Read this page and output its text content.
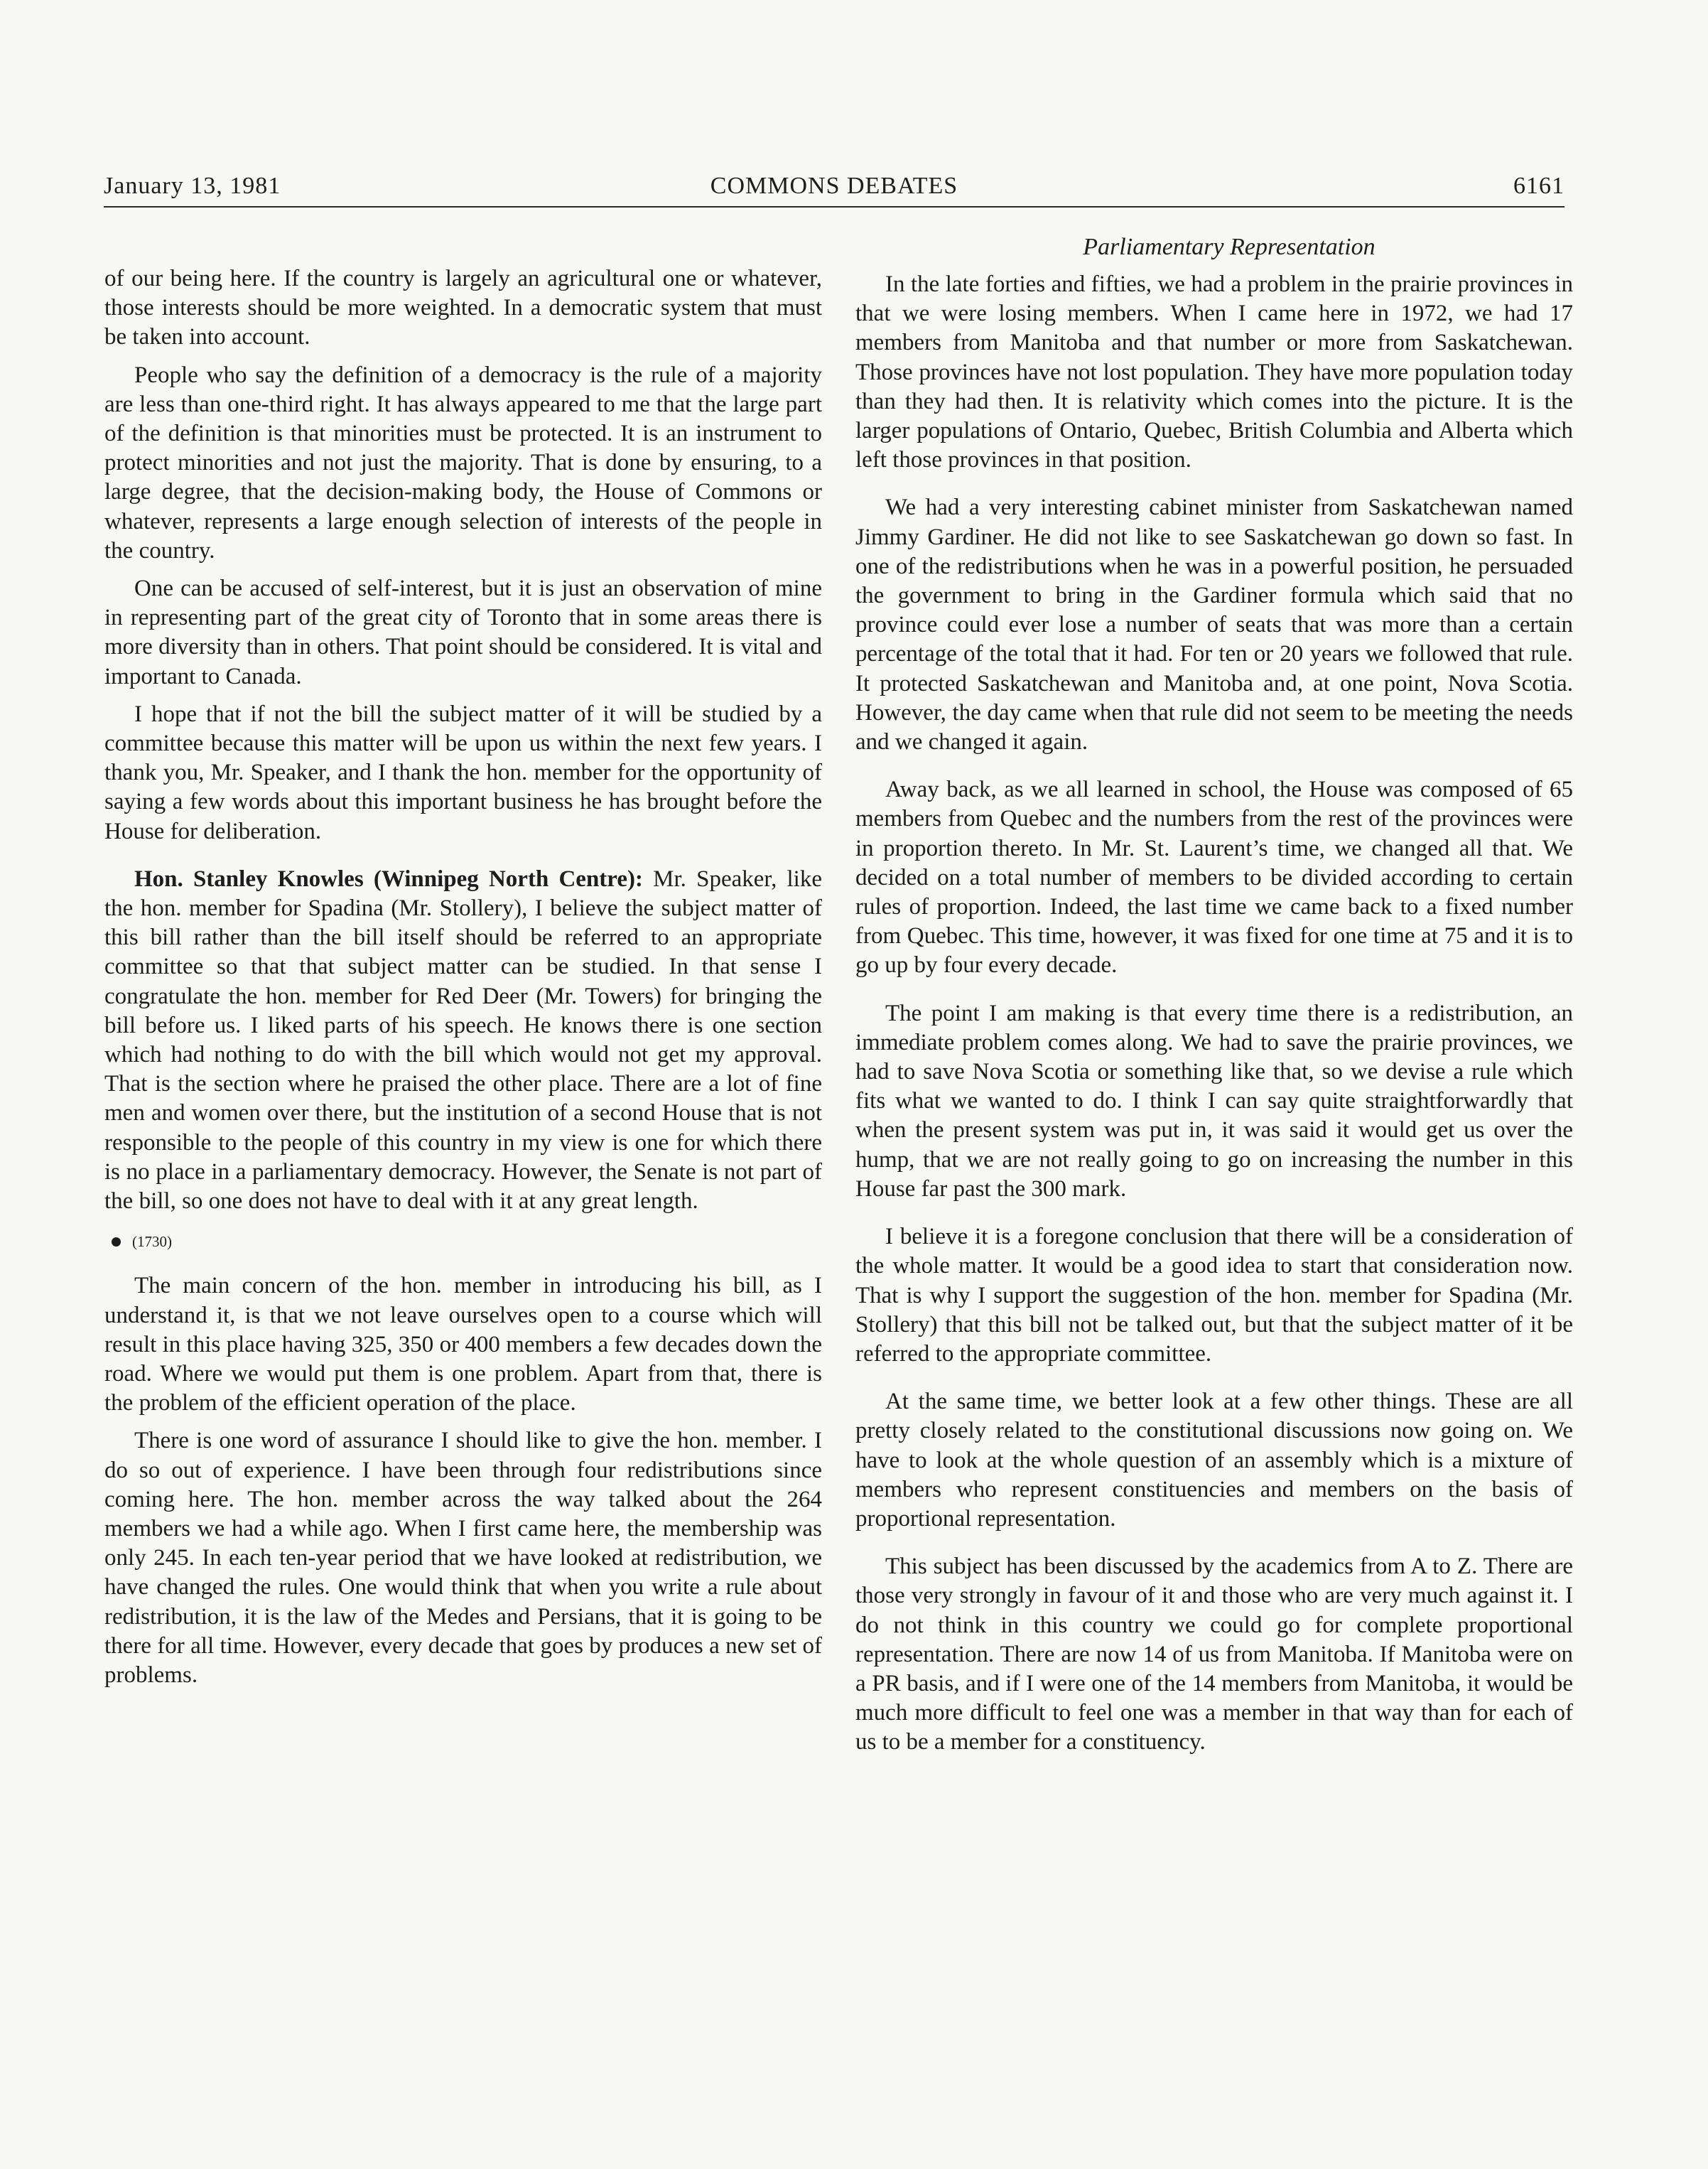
January 13, 1981	COMMONS DEBATES	6161

of our being here. If the country is largely an agricultural one or whatever, those interests should be more weighted. In a democratic system that must be taken into account.

People who say the definition of a democracy is the rule of a majority are less than one-third right. It has always appeared to me that the large part of the definition is that minorities must be protected. It is an instrument to protect minorities and not just the majority. That is done by ensuring, to a large degree, that the decision-making body, the House of Commons or whatever, represents a large enough selection of interests of the people in the country.

One can be accused of self-interest, but it is just an observation of mine in representing part of the great city of Toronto that in some areas there is more diversity than in others. That point should be considered. It is vital and important to Canada.

I hope that if not the bill the subject matter of it will be studied by a committee because this matter will be upon us within the next few years. I thank you, Mr. Speaker, and I thank the hon. member for the opportunity of saying a few words about this important business he has brought before the House for deliberation.

Hon. Stanley Knowles (Winnipeg North Centre): Mr. Speaker, like the hon. member for Spadina (Mr. Stollery), I believe the subject matter of this bill rather than the bill itself should be referred to an appropriate committee so that that subject matter can be studied. In that sense I congratulate the hon. member for Red Deer (Mr. Towers) for bringing the bill before us. I liked parts of his speech. He knows there is one section which had nothing to do with the bill which would not get my approval. That is the section where he praised the other place. There are a lot of fine men and women over there, but the institution of a second House that is not responsible to the people of this country in my view is one for which there is no place in a parliamentary democracy. However, the Senate is not part of the bill, so one does not have to deal with it at any great length.

(1730)

The main concern of the hon. member in introducing his bill, as I understand it, is that we not leave ourselves open to a course which will result in this place having 325, 350 or 400 members a few decades down the road. Where we would put them is one problem. Apart from that, there is the problem of the efficient operation of the place.

There is one word of assurance I should like to give the hon. member. I do so out of experience. I have been through four redistributions since coming here. The hon. member across the way talked about the 264 members we had a while ago. When I first came here, the membership was only 245. In each ten-year period that we have looked at redistribution, we have changed the rules. One would think that when you write a rule about redistribution, it is the law of the Medes and Persians, that it is going to be there for all time. However, every decade that goes by produces a new set of problems.

Parliamentary Representation

In the late forties and fifties, we had a problem in the prairie provinces in that we were losing members. When I came here in 1972, we had 17 members from Manitoba and that number or more from Saskatchewan. Those provinces have not lost population. They have more population today than they had then. It is relativity which comes into the picture. It is the larger populations of Ontario, Quebec, British Columbia and Alberta which left those provinces in that position.

We had a very interesting cabinet minister from Saskatchewan named Jimmy Gardiner. He did not like to see Saskatchewan go down so fast. In one of the redistributions when he was in a powerful position, he persuaded the government to bring in the Gardiner formula which said that no province could ever lose a number of seats that was more than a certain percentage of the total that it had. For ten or 20 years we followed that rule. It protected Saskatchewan and Manitoba and, at one point, Nova Scotia. However, the day came when that rule did not seem to be meeting the needs and we changed it again.

Away back, as we all learned in school, the House was composed of 65 members from Quebec and the numbers from the rest of the provinces were in proportion thereto. In Mr. St. Laurent’s time, we changed all that. We decided on a total number of members to be divided according to certain rules of proportion. Indeed, the last time we came back to a fixed number from Quebec. This time, however, it was fixed for one time at 75 and it is to go up by four every decade.

The point I am making is that every time there is a redistribution, an immediate problem comes along. We had to save the prairie provinces, we had to save Nova Scotia or something like that, so we devise a rule which fits what we wanted to do. I think I can say quite straightforwardly that when the present system was put in, it was said it would get us over the hump, that we are not really going to go on increasing the number in this House far past the 300 mark.

I believe it is a foregone conclusion that there will be a consideration of the whole matter. It would be a good idea to start that consideration now. That is why I support the suggestion of the hon. member for Spadina (Mr. Stollery) that this bill not be talked out, but that the subject matter of it be referred to the appropriate committee.

At the same time, we better look at a few other things. These are all pretty closely related to the constitutional discussions now going on. We have to look at the whole question of an assembly which is a mixture of members who represent constituencies and members on the basis of proportional representation.

This subject has been discussed by the academics from A to Z. There are those very strongly in favour of it and those who are very much against it. I do not think in this country we could go for complete proportional representation. There are now 14 of us from Manitoba. If Manitoba were on a PR basis, and if I were one of the 14 members from Manitoba, it would be much more difficult to feel one was a member in that way than for each of us to be a member for a constituency.
